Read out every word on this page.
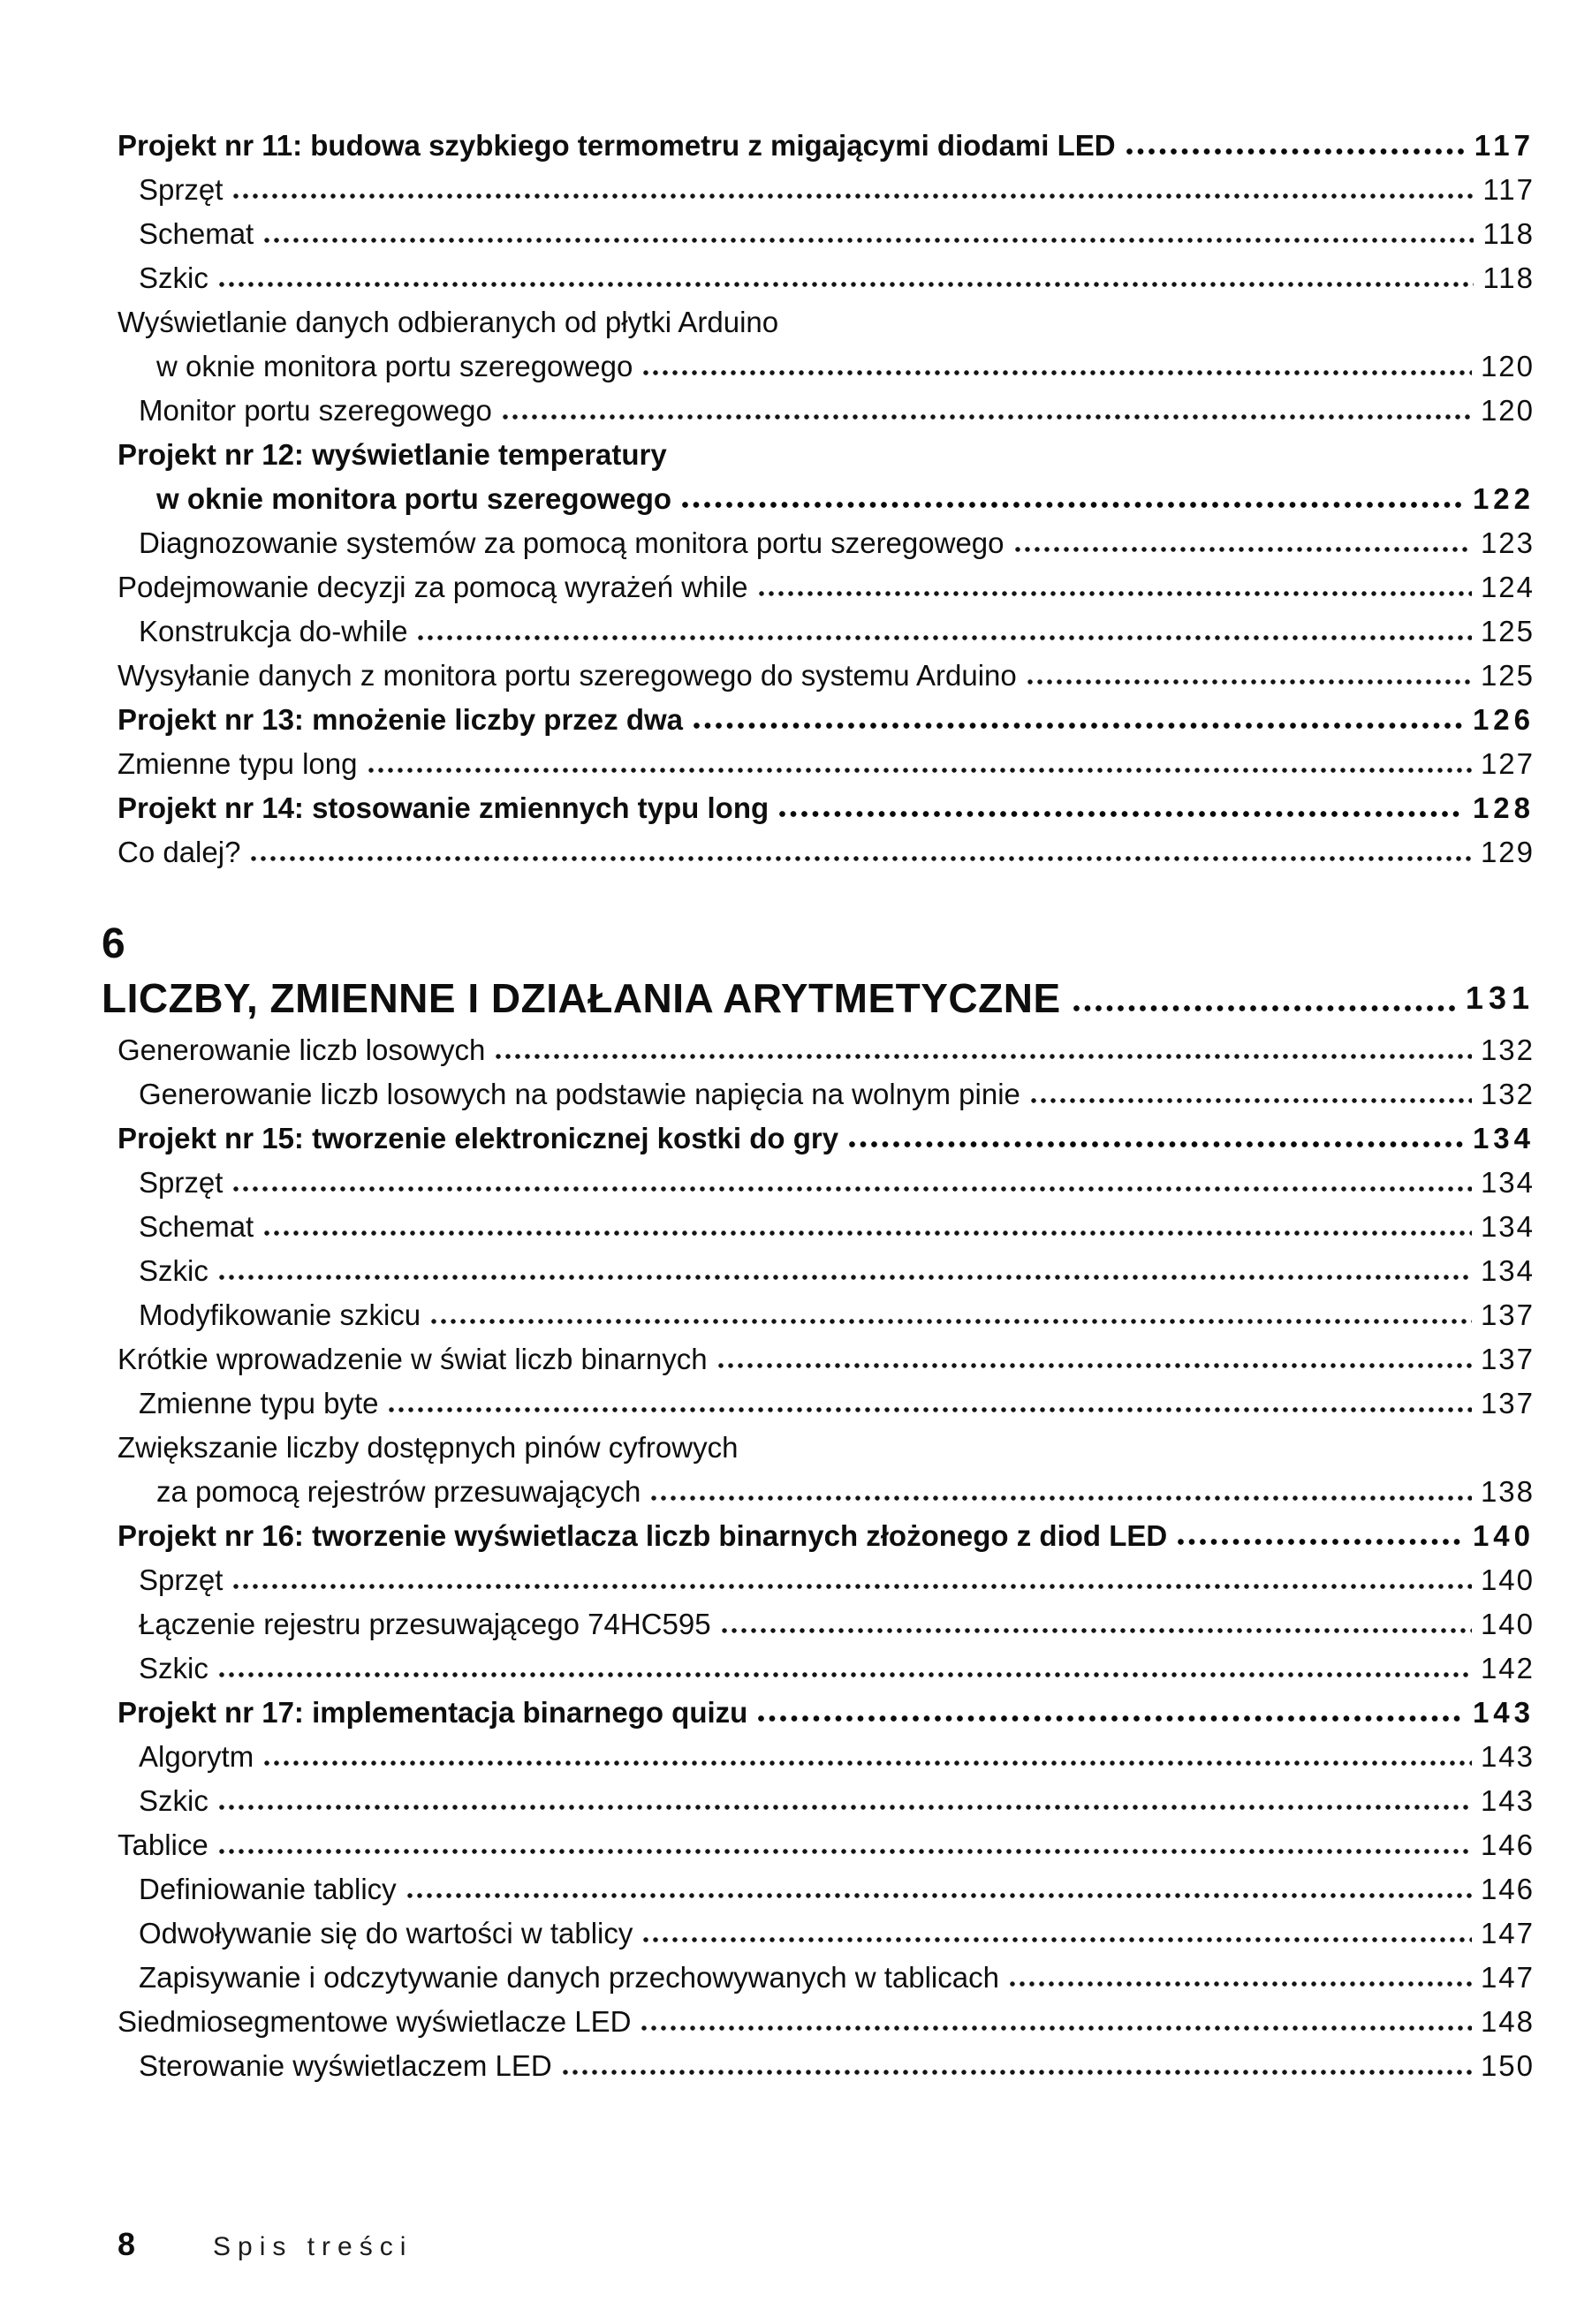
Projekt nr 11: budowa szybkiego termometru z migającymi diodami LED	117
Sprzęt	117
Schemat	118
Szkic	118
Wyświetlanie danych odbieranych od płytki Arduino
w oknie monitora portu szeregowego	120
Monitor portu szeregowego	120
Projekt nr 12: wyświetlanie temperatury
w oknie monitora portu szeregowego	122
Diagnozowanie systemów za pomocą monitora portu szeregowego	123
Podejmowanie decyzji za pomocą wyrażeń while	124
Konstrukcja do-while	125
Wysyłanie danych z monitora portu szeregowego do systemu Arduino	125
Projekt nr 13: mnożenie liczby przez dwa	126
Zmienne typu long	127
Projekt nr 14: stosowanie zmiennych typu long	128
Co dalej?	129
6
LICZBY, ZMIENNE I DZIAŁANIA ARYTMETYCZNE	131
Generowanie liczb losowych	132
Generowanie liczb losowych na podstawie napięcia na wolnym pinie	132
Projekt nr 15: tworzenie elektronicznej kostki do gry	134
Sprzęt	134
Schemat	134
Szkic	134
Modyfikowanie szkicu	137
Krótkie wprowadzenie w świat liczb binarnych	137
Zmienne typu byte	137
Zwiększanie liczby dostępnych pinów cyfrowych
za pomocą rejestrów przesuwających	138
Projekt nr 16: tworzenie wyświetlacza liczb binarnych złożonego z diod LED	140
Sprzęt	140
Łączenie rejestru przesuwającego 74HC595	140
Szkic	142
Projekt nr 17: implementacja binarnego quizu	143
Algorytm	143
Szkic	143
Tablice	146
Definiowanie tablicy	146
Odwoływanie się do wartości w tablicy	147
Zapisywanie i odczytywanie danych przechowywanych w tablicach	147
Siedmiosegmentowe wyświetlacze LED	148
Sterowanie wyświetlaczem LED	150
8	Spis treści
